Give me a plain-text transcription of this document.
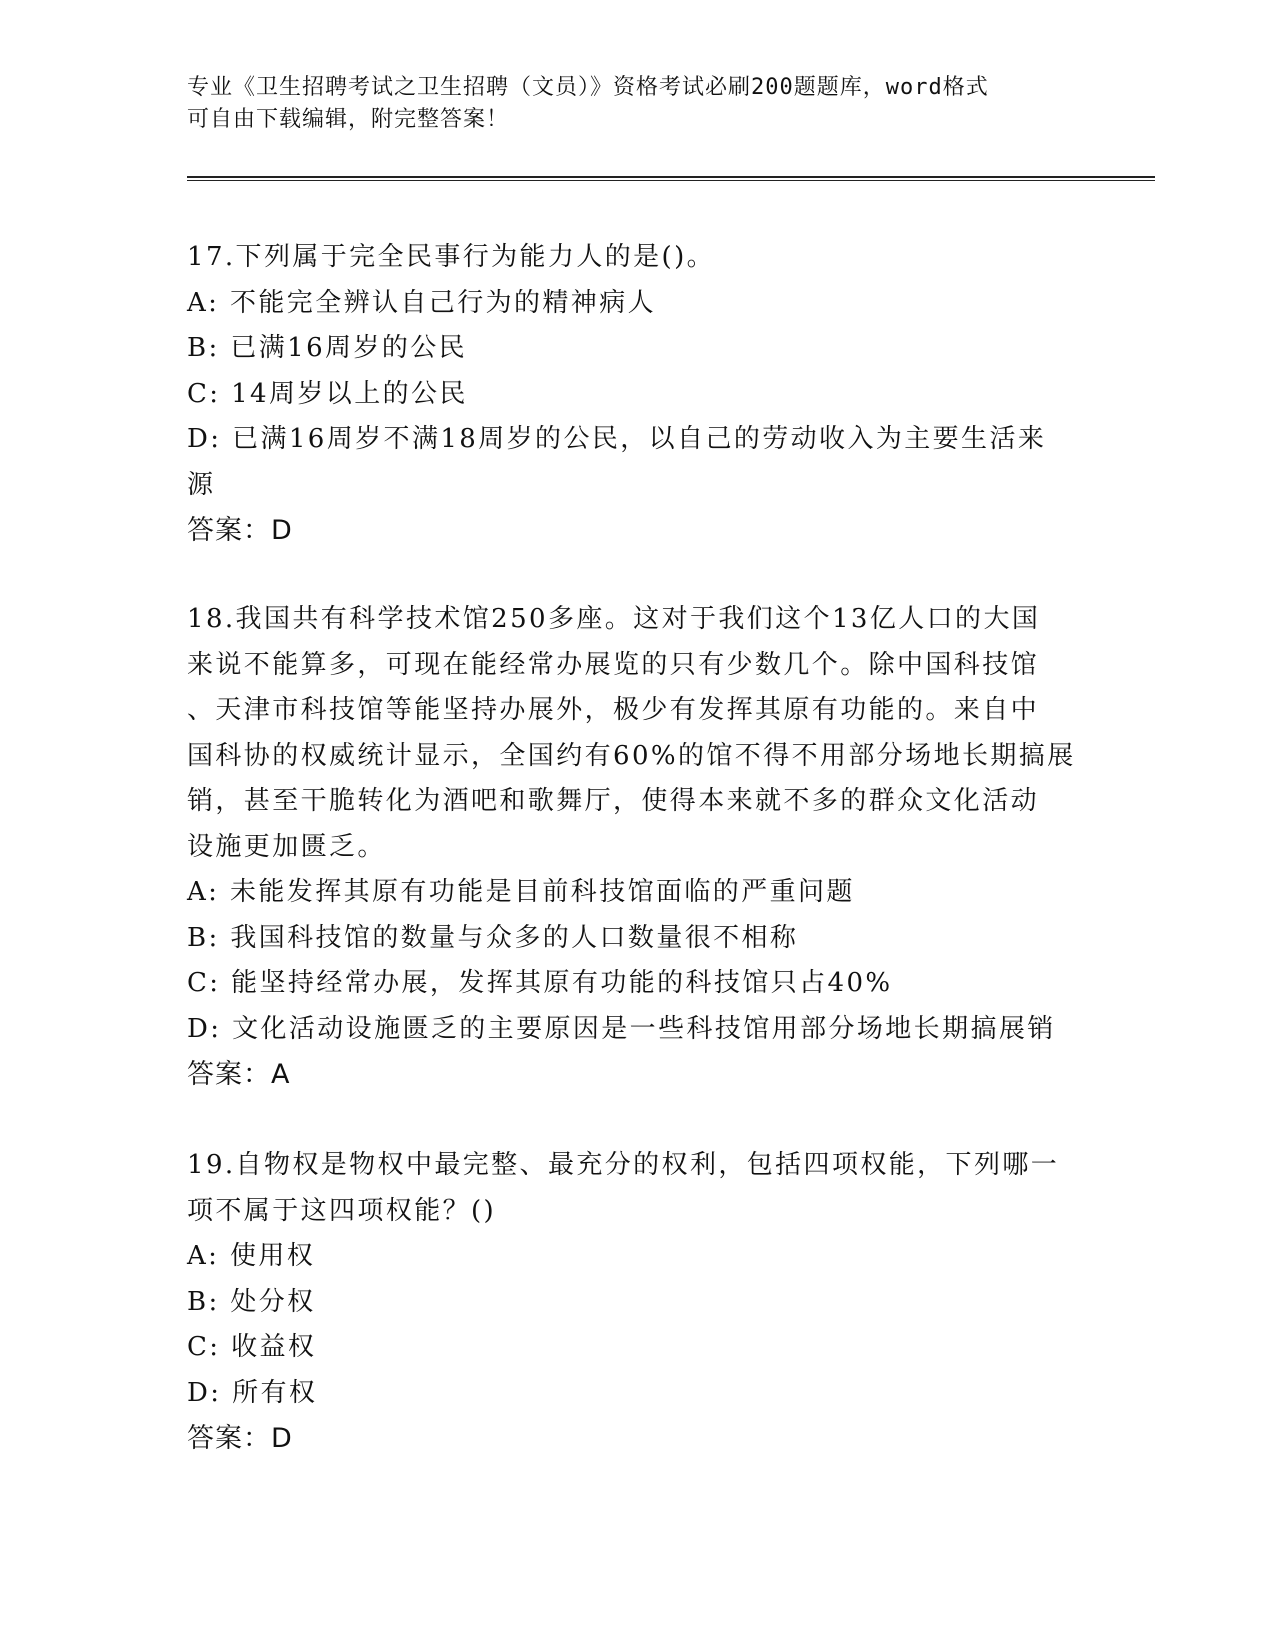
专业《卫生招聘考试之卫生招聘（文员）》资格考试必刷200题题库，word格式
可自由下载编辑，附完整答案！

17.下列属于完全民事行为能力人的是()。

A: 不能完全辨认自己行为的精神病人

B: 已满16周岁的公民

C: 14周岁以上的公民

D: 已满16周岁不满18周岁的公民，以自己的劳动收入为主要生活来

源

答案：D

18.我国共有科学技术馆250多座。这对于我们这个13亿人口的大国

来说不能算多，可现在能经常办展览的只有少数几个。除中国科技馆

、天津市科技馆等能坚持办展外，极少有发挥其原有功能的。来自中

国科协的权威统计显示，全国约有60%的馆不得不用部分场地长期搞展

销，甚至干脆转化为酒吧和歌舞厅，使得本来就不多的群众文化活动

设施更加匮乏。

A: 未能发挥其原有功能是目前科技馆面临的严重问题

B: 我国科技馆的数量与众多的人口数量很不相称

C: 能坚持经常办展，发挥其原有功能的科技馆只占40%

D: 文化活动设施匮乏的主要原因是一些科技馆用部分场地长期搞展销

答案：A

19.自物权是物权中最完整、最充分的权利，包括四项权能，下列哪一

项不属于这四项权能？()

A: 使用权

B: 处分权

C: 收益权

D: 所有权

答案：D
